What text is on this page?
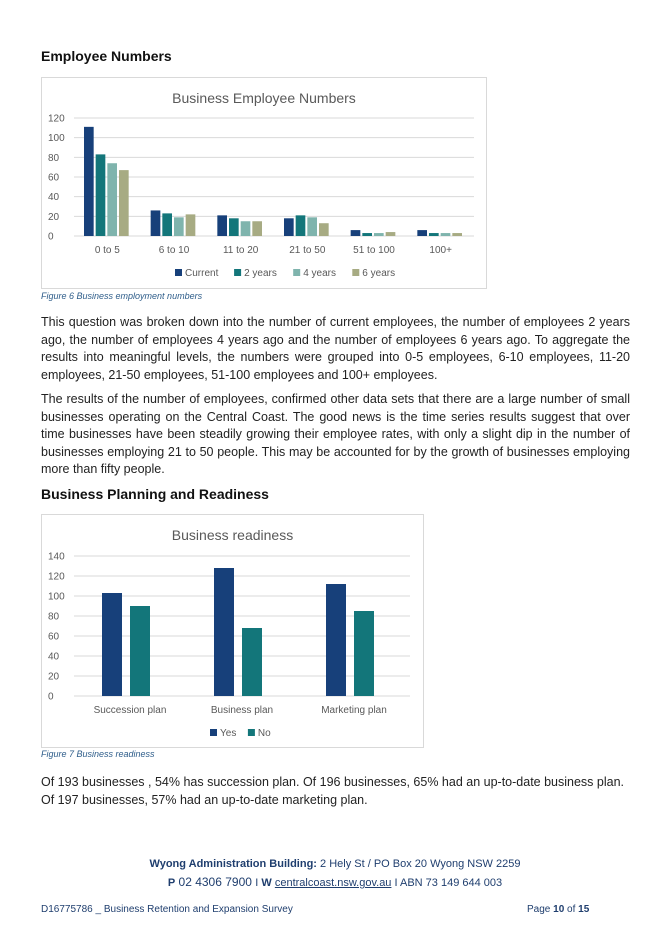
Employee Numbers
Business Employee Numbers
0
20
40
60
80
100
120
0 to 5	6 to 10	11 to 20	21 to 50	51 to 100	100+
Current	2 years	4 years	6 years
Figure 6 Business employment numbers
This question was broken down into the number of current employees, the number of employees 2 years ago, the number of employees 4 years ago and the number of employees 6 years ago. To aggregate the results into meaningful levels, the numbers were grouped into 0-5 employees, 6-10 employees, 11-20 employees, 21-50 employees, 51-100 employees and 100+ employees.
The results of the number of employees, confirmed other data sets that there are a large number of small businesses operating on the Central Coast. The good news is the time series results suggest that over time businesses have been steadily growing their employee rates, with only a slight dip in the number of businesses employing 21 to 50 people. This may be accounted for by the growth of businesses employing more than fifty people.
Business Planning and Readiness
Business readiness
0
20
40
60
80
100
120
140
Succession plan	Business plan	Marketing plan
Yes No
Figure 7 Business readiness
Of 193 businesses , 54% has succession plan. Of 196 businesses, 65% had an up-to-date business plan. Of 197 businesses, 57% had an up-to-date marketing plan.
Wyong Administration Building: 2 Hely St / PO Box 20 Wyong NSW 2259
P 02 4306 7900 I W centralcoast.nsw.gov.au I ABN 73 149 644 003
D16775786 _ Business Retention and Expansion Survey	Page 10 of 15
